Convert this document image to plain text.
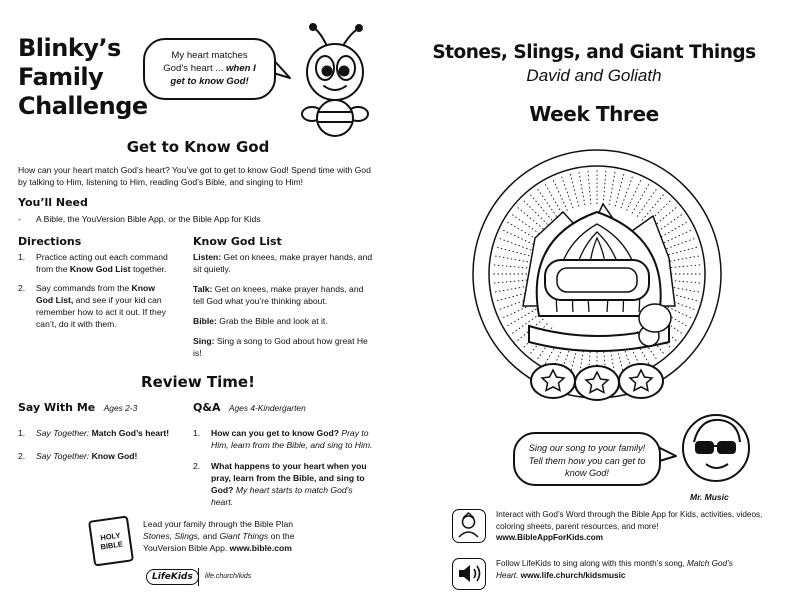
Blinky’s
Family
Challenge
My heart matches
God’s heart ... when I
get to know God!
Get to Know God
How can your heart match God’s heart? You’ve got to get to know God! Spend time with God by talking to Him, listening to Him, reading God’s Bible, and singing to Him!
You’ll Need
- A Bible, the YouVersion Bible App, or the Bible App for Kids
Directions
1. Practice acting out each command from the Know God List together.
2. Say commands from the Know God List, and see if your kid can remember how to act it out. If they can’t, do it with them.
Know God List

Listen: Get on knees, make prayer hands, and sit quietly.

Talk: Get on knees, make prayer hands, and tell God what you’re thinking about.

Bible: Grab the Bible and look at it.

Sing: Sing a song to God about how great He is!

Review Time!
Say With Me Ages 2-3
1. Say Together: Match God’s heart!
2. Say Together: Know God!
Q&A Ages 4-Kindergarten
1. How can you get to know God? Pray to Him, learn from the Bible, and sing to Him.
2. What happens to your heart when you pray, learn from the Bible, and sing to God? My heart starts to match God’s heart.
HOLY
BIBLE
Lead your family through the Bible Plan
Stones, Slings, and Giant Things on the
YouVersion Bible App. www.bible.com
LifeKids	life.church/kids
Stones, Slings, and Giant Things
David and Goliath
Week Three
Sing our song to your family! Tell them how you can get to know God!
Mr. Music
Interact with God’s Word through the Bible App for Kids, activities, videos, coloring sheets, parent resources, and more!
www.BibleAppForKids.com
Follow LifeKids to sing along with this month’s song, Match God’s Heart. www.life.church/kidsmusic
